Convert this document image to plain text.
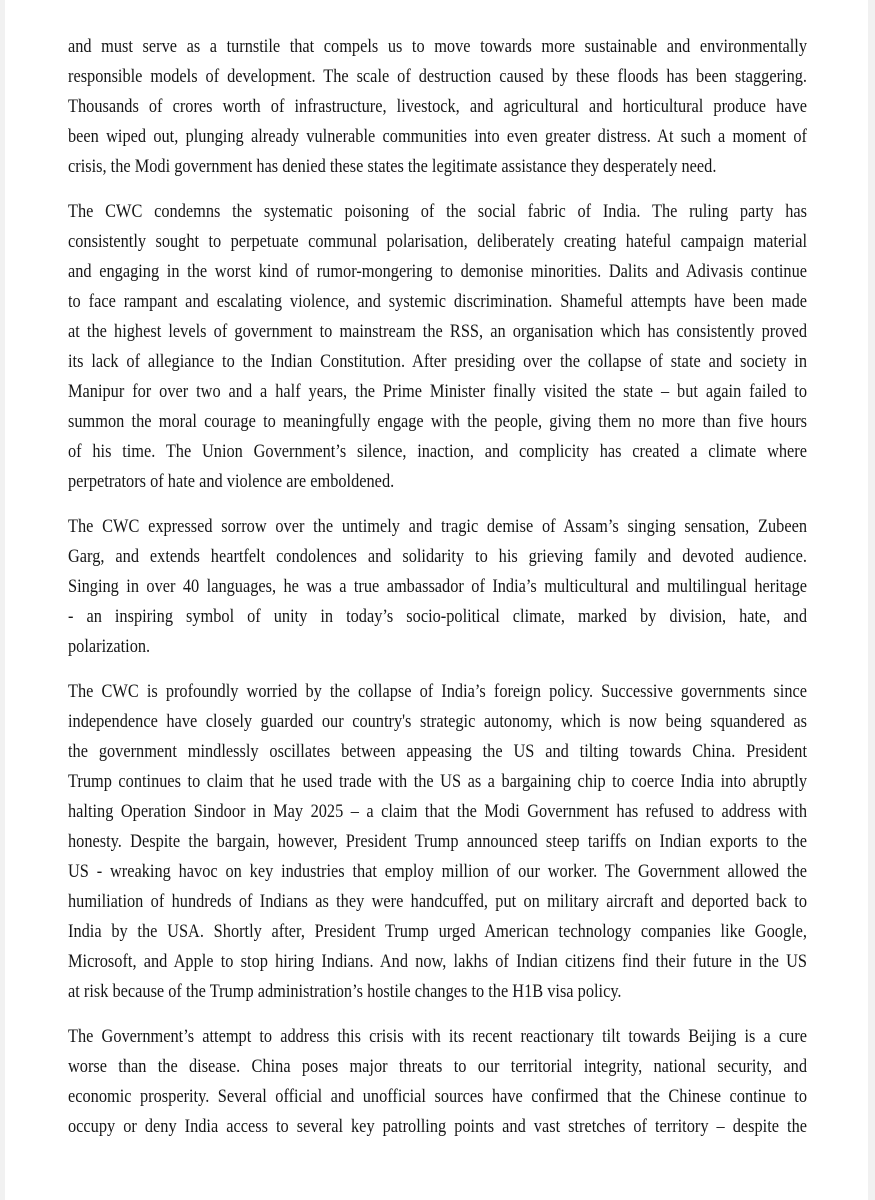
and must serve as a turnstile that compels us to move towards more sustainable and environmentally
responsible models of development. The scale of destruction caused by these floods has been staggering.
Thousands of crores worth of infrastructure, livestock, and agricultural and horticultural produce have
been wiped out, plunging already vulnerable communities into even greater distress. At such a moment of
crisis, the Modi government has denied these states the legitimate assistance they desperately need.
The CWC condemns the systematic poisoning of the social fabric of India. The ruling party has
consistently sought to perpetuate communal polarisation, deliberately creating hateful campaign material
and engaging in the worst kind of rumor-mongering to demonise minorities. Dalits and Adivasis continue
to face rampant and escalating violence, and systemic discrimination. Shameful attempts have been made
at the highest levels of government to mainstream the RSS, an organisation which has consistently proved
its lack of allegiance to the Indian Constitution. After presiding over the collapse of state and society in
Manipur for over two and a half years, the Prime Minister finally visited the state – but again failed to
summon the moral courage to meaningfully engage with the people, giving them no more than five hours
of his time. The Union Government’s silence, inaction, and complicity has created a climate where
perpetrators of hate and violence are emboldened.
The CWC expressed sorrow over the untimely and tragic demise of Assam’s singing sensation, Zubeen
Garg, and extends heartfelt condolences and solidarity to his grieving family and devoted audience.
Singing in over 40 languages, he was a true ambassador of India’s multicultural and multilingual heritage
- an inspiring symbol of unity in today’s socio-political climate, marked by division, hate, and
polarization.
The CWC is profoundly worried by the collapse of India’s foreign policy. Successive governments since
independence have closely guarded our country's strategic autonomy, which is now being squandered as
the government mindlessly oscillates between appeasing the US and tilting towards China. President
Trump continues to claim that he used trade with the US as a bargaining chip to coerce India into abruptly
halting Operation Sindoor in May 2025 – a claim that the Modi Government has refused to address with
honesty. Despite the bargain, however, President Trump announced steep tariffs on Indian exports to the
US - wreaking havoc on key industries that employ million of our worker. The Government allowed the
humiliation of hundreds of Indians as they were handcuffed, put on military aircraft and deported back to
India by the USA. Shortly after, President Trump urged American technology companies like Google,
Microsoft, and Apple to stop hiring Indians. And now, lakhs of Indian citizens find their future in the US
at risk because of the Trump administration’s hostile changes to the H1B visa policy.
The Government’s attempt to address this crisis with its recent reactionary tilt towards Beijing is a cure
worse than the disease. China poses major threats to our territorial integrity, national security, and
economic prosperity. Several official and unofficial sources have confirmed that the Chinese continue to
occupy or deny India access to several key patrolling points and vast stretches of territory – despite the
